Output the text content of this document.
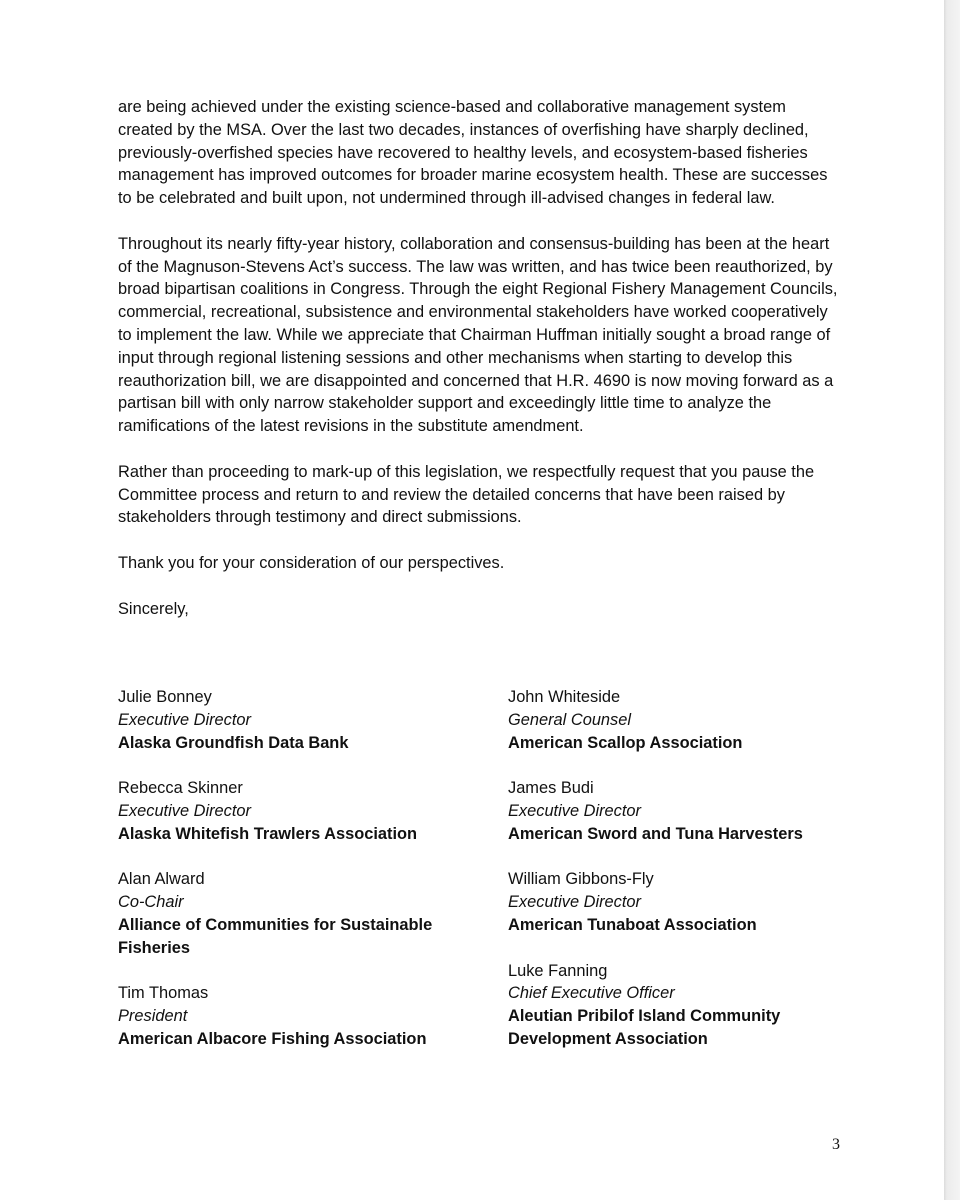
are being achieved under the existing science-based and collaborative management system created by the MSA. Over the last two decades, instances of overfishing have sharply declined, previously-overfished species have recovered to healthy levels, and ecosystem-based fisheries management has improved outcomes for broader marine ecosystem health. These are successes to be celebrated and built upon, not undermined through ill-advised changes in federal law.

Throughout its nearly fifty-year history, collaboration and consensus-building has been at the heart of the Magnuson-Stevens Act’s success. The law was written, and has twice been reauthorized, by broad bipartisan coalitions in Congress. Through the eight Regional Fishery Management Councils, commercial, recreational, subsistence and environmental stakeholders have worked cooperatively to implement the law. While we appreciate that Chairman Huffman initially sought a broad range of input through regional listening sessions and other mechanisms when starting to develop this reauthorization bill, we are disappointed and concerned that H.R. 4690 is now moving forward as a partisan bill with only narrow stakeholder support and exceedingly little time to analyze the ramifications of the latest revisions in the substitute amendment.

Rather than proceeding to mark-up of this legislation, we respectfully request that you pause the Committee process and return to and review the detailed concerns that have been raised by stakeholders through testimony and direct submissions.

Thank you for your consideration of our perspectives.

Sincerely,

Julie Bonney
Executive Director
Alaska Groundfish Data Bank
Rebecca Skinner
Executive Director
Alaska Whitefish Trawlers Association
Alan Alward
Co-Chair
Alliance of Communities for Sustainable Fisheries
Tim Thomas
President
American Albacore Fishing Association
John Whiteside
General Counsel
American Scallop Association
James Budi
Executive Director
American Sword and Tuna Harvesters
William Gibbons-Fly
Executive Director
American Tunaboat Association
Luke Fanning
Chief Executive Officer
Aleutian Pribilof Island Community Development Association
3
